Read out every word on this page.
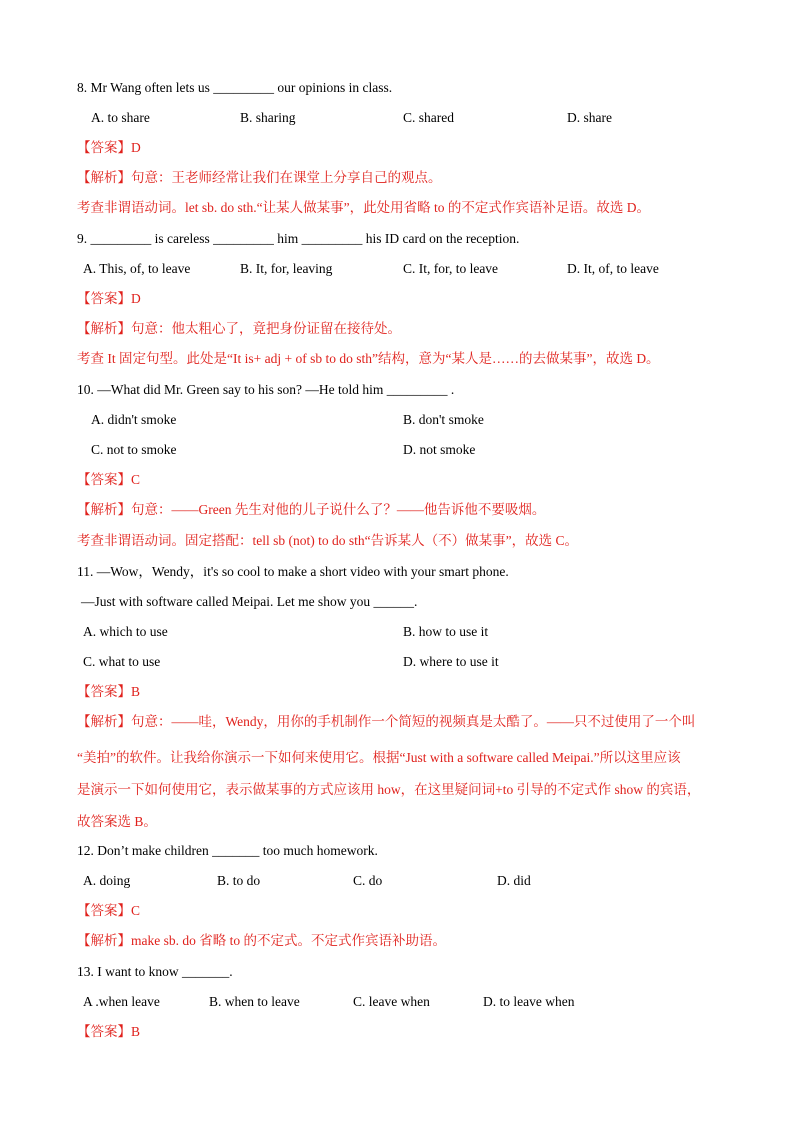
8. Mr Wang often lets us _________ our opinions in class.
A. to share	B. sharing	C. shared	D. share
【答案】D
【解析】句意：王老师经常让我们在课堂上分享自己的观点。
考查非谓语动词。let sb. do sth.“让某人做某事”，此处用省略 to 的不定式作宾语补足语。故选 D。
9. _________ is careless _________ him _________ his ID card on the reception.
A. This, of, to leave	B. It, for, leaving	C. It, for, to leave	D. It, of, to leave
【答案】D
【解析】句意：他太粗心了，竟把身份证留在接待处。
考查 It 固定句型。此处是“It is+ adj + of sb to do sth”结构，意为“某人是……的去做某事”，故选 D。
10. —What did Mr. Green say to his son? —He told him _________ .
A. didn't smoke	B. don't smoke
C. not to smoke	D. not smoke
【答案】C
【解析】句意：——Green 先生对他的儿子说什么了？——他告诉他不要吸烟。
考查非谓语动词。固定搭配：tell sb (not) to do sth“告诉某人（不）做某事”，故选 C。
11. —Wow，Wendy，it's so cool to make a short video with your smart phone.
—Just with software called Meipai. Let me show you ______.
A. which to use	B. how to use it
C. what to use	D. where to use it
【答案】B
【解析】句意：——哇，Wendy，用你的手机制作一个简短的视频真是太酷了。——只不过使用了一个叫
“美拍”的软件。让我给你演示一下如何来使用它。根据“Just with a software called Meipai.”所以这里应该
是演示一下如何使用它，表示做某事的方式应该用 how，在这里疑问词+to 引导的不定式作 show 的宾语，
故答案选 B。
12. Don’t make children _______ too much homework.
A. doing	B. to do	C. do	D. did
【答案】C
【解析】make sb. do 省略 to 的不定式。不定式作宾语补助语。
13. I want to know _______.
A .when leave	B. when to leave	C. leave when	D. to leave when
【答案】B
